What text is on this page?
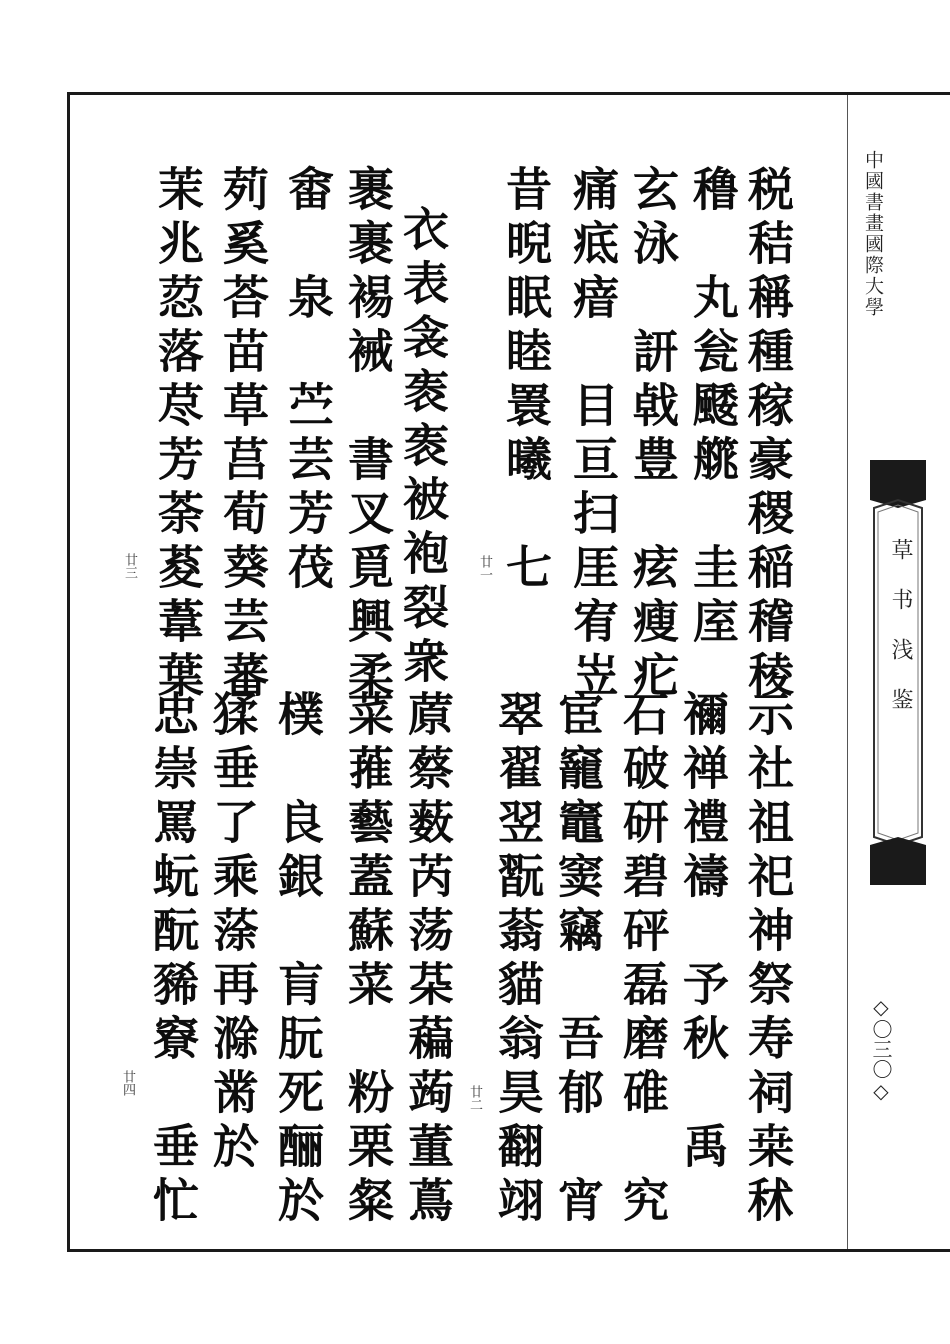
中國書畫國際大學
草书浅鉴
◇〇三〇◇
税秸稱種稼豪稷稲稽稜
穞　丸瓮䬐艞　圭庢
玄泳　訮㦸豊　痃瘦疕
痛疷瘖　目亘扫厓宥岦
昔晲眠睦瞏曦　七
衣表衾袠袠被袍裂衆
裹裹裼裓　書叉覓興柔
畬　泉　苎芸芳茷
茢奚荅苗草莒荀葵芸蕃
茉兆荵落荩芳荼荾葦葉
示社祖祀神祭寿祠桒秫
禰禅禮禱　予秋　禹
石破研碧砰磊磨碓　究
宦竉竈窦竊　吾郁　宵
翠翟翌翫蓊貓翁昊翻翊
蒝蔡薮芮荡䒳藊蒟董蔦
菜蓷藝蓋蘇菜　粉栗粲
樸　良銀　肓朊死酾於
猱垂了乘蒤再滁黹於
忠崇罵蚖酛豨竂　垂忙
廿一
廿二
廿三
廿四
